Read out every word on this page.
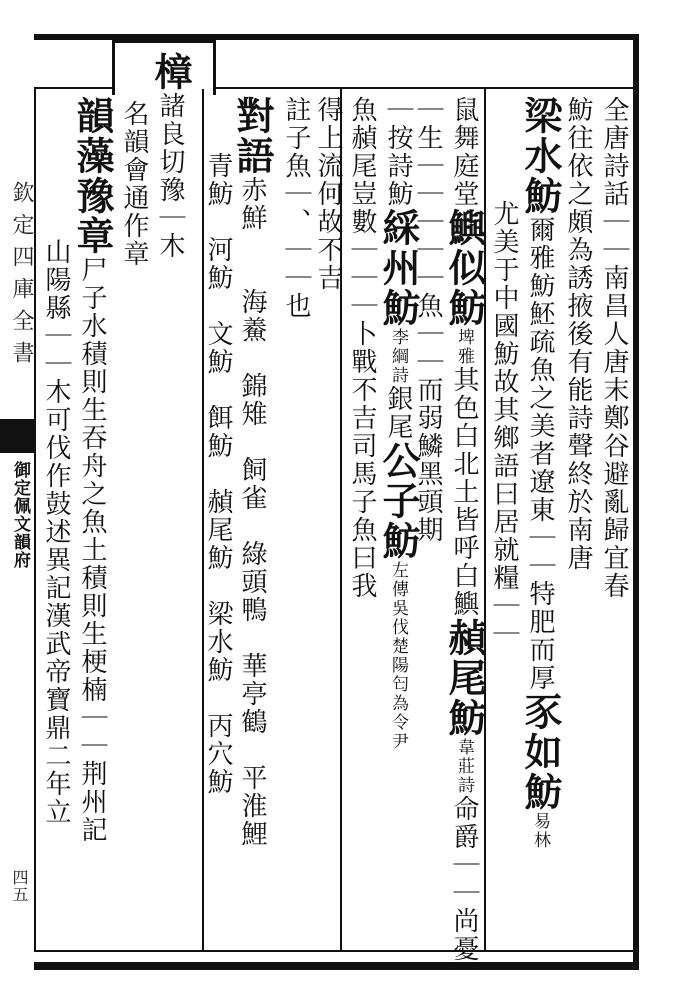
欽定四庫全書
御定佩文韻府
四五
全唐詩話｜｜南昌人唐末鄭谷避亂歸宜春
魴往依之頗為誘掖後有能詩聲終於南唐
梁水魴爾雅魴魾疏魚之美者遼東｜｜特肥而厚豕如魴易林
尤美于中國魴故其鄉語曰居就糧｜｜
鼠舞庭堂鱮似魴埤雅其色白北土皆呼白鱮赬尾魴韋莊詩命爵｜｜尚憂
｜生｜｜｜｜｜魚｜｜而弱鱗黑頭期
｜按詩魴綵州魴李綱詩銀尾公子魴左傳吳伐楚陽匄為令尹
魚赬尾豈數｜｜｜卜戰不吉司馬子魚曰我
得上流何故不吉
註子魚｜、｜｜也
對語赤鮮　　海鯗　錦雉　飼雀　綠頭鴨　華亭鶴　平淮鯉
青魴　河魴　文魴　餌魴　赬尾魴　梁水魴　丙穴魴
樟諸良切豫｜木
名韻會通作章
韻藻豫章尸子水積則生吞舟之魚土積則生梗楠｜｜荆州記
山陽縣｜｜木可伐作鼓述異記漢武帝寶鼎二年立
